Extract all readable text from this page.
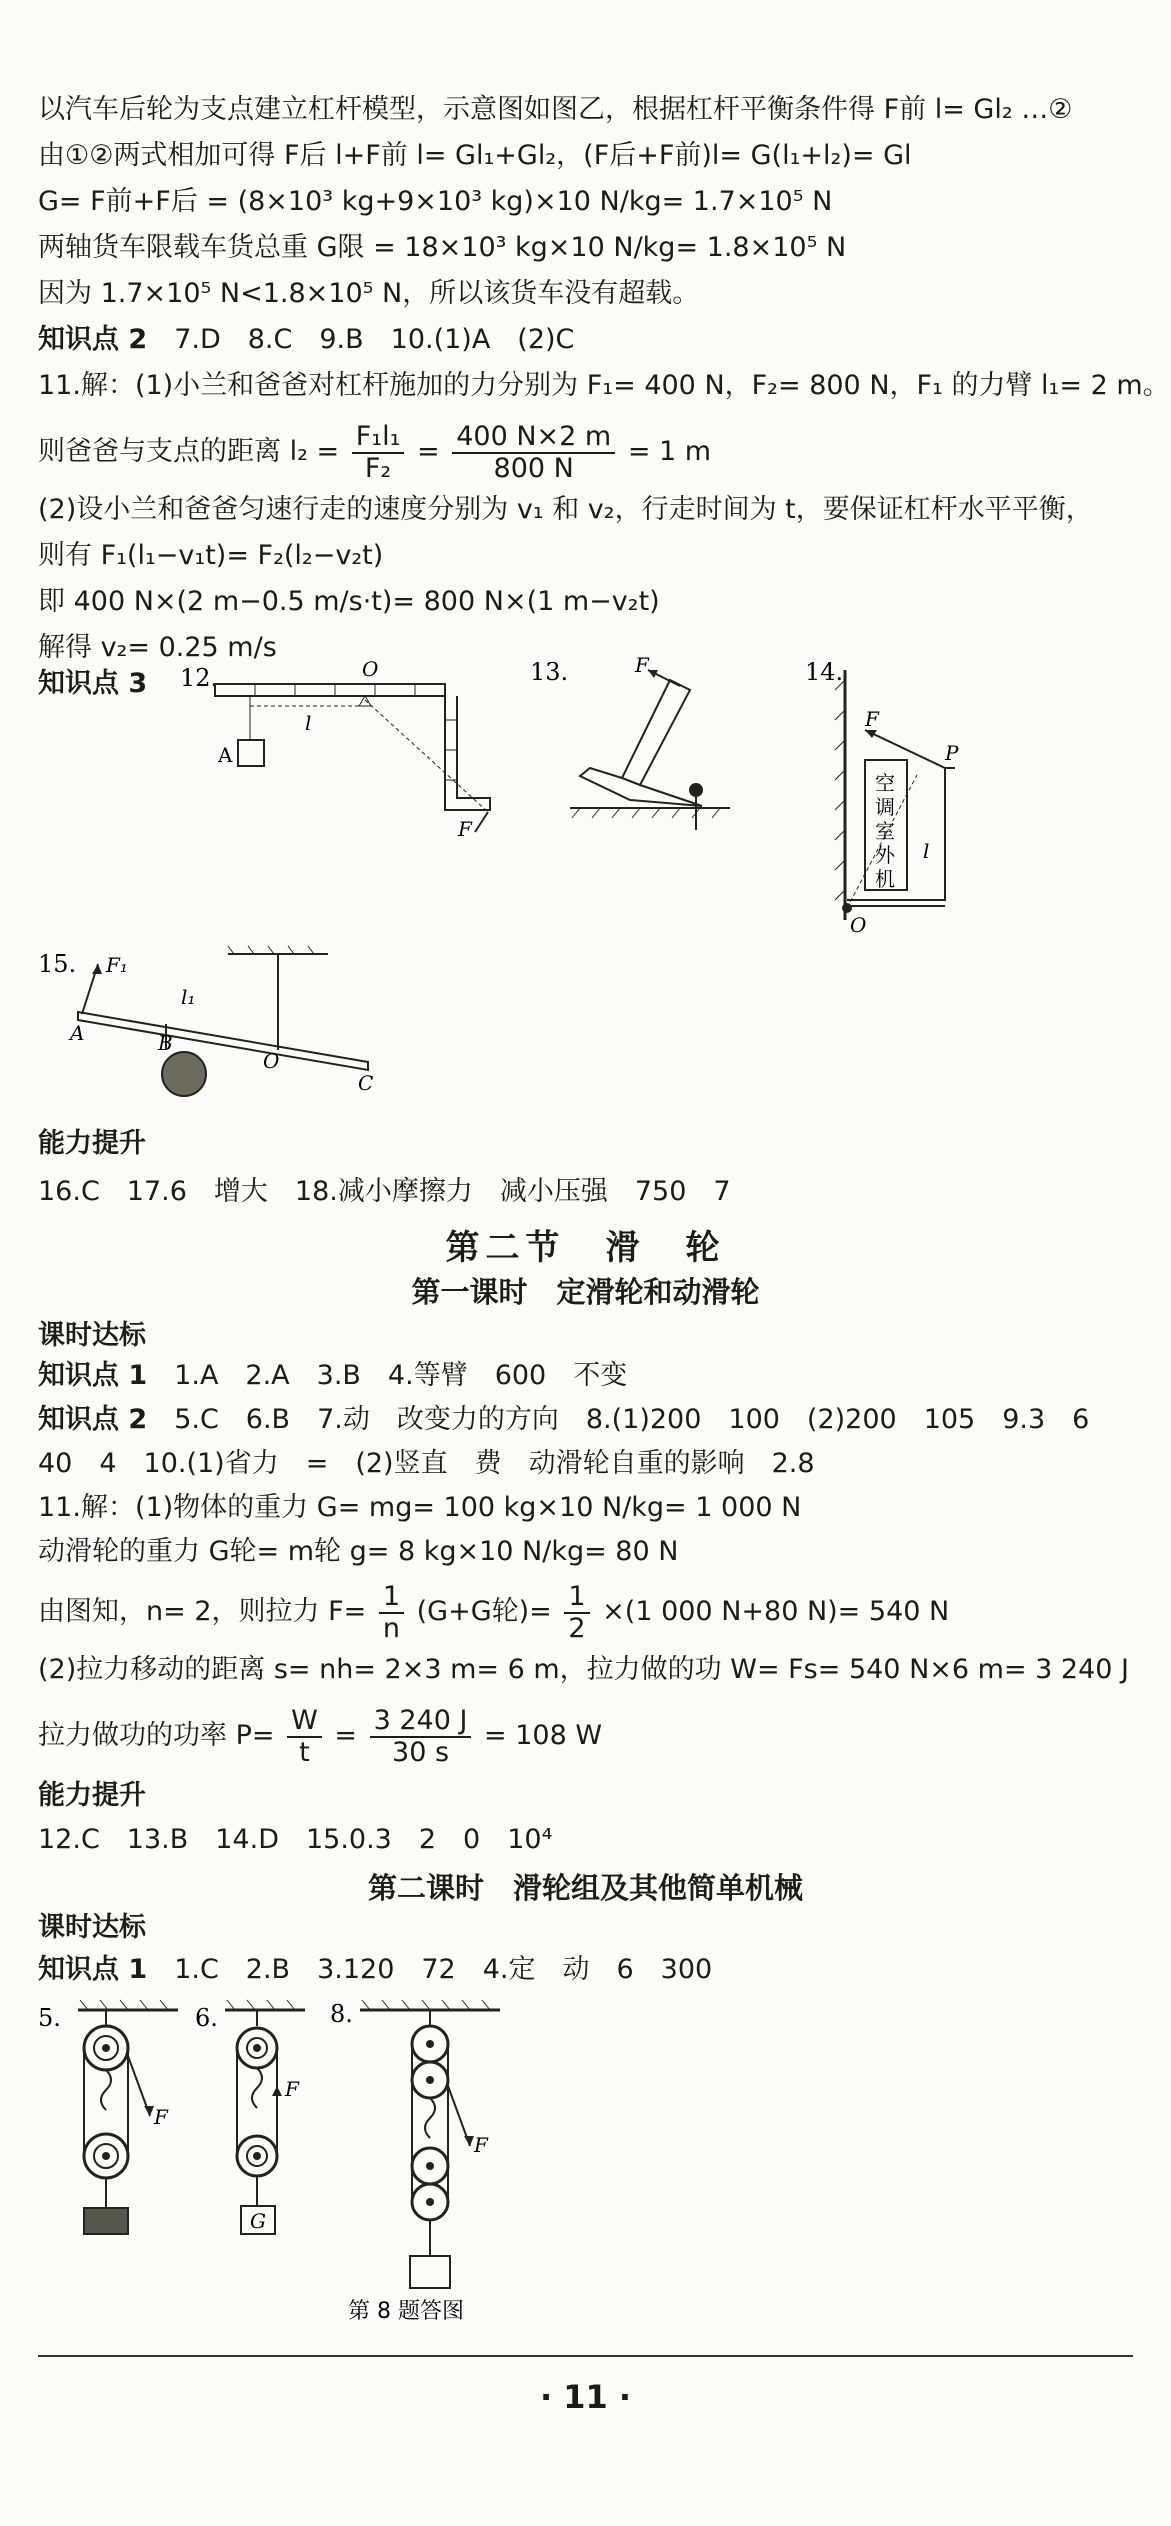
以汽车后轮为支点建立杠杆模型，示意图如图乙，根据杠杆平衡条件得 F前 l= Gl₂ …②
由①②两式相加可得 F后 l+F前 l= Gl₁+Gl₂，(F后+F前)l= G(l₁+l₂)= Gl
G= F前+F后 = (8×10³ kg+9×10³ kg)×10 N/kg= 1.7×10⁵ N
两轴货车限载车货总重 G限 = 18×10³ kg×10 N/kg= 1.8×10⁵ N
因为 1.7×10⁵ N<1.8×10⁵ N，所以该货车没有超载。
知识点 2　 7.D　8.C　9.B　10.(1)A　(2)C
11.解：(1)小兰和爸爸对杠杆施加的力分别为 F₁= 400 N，F₂= 800 N，F₁ 的力臂 l₁= 2 m。
则爸爸与支点的距离 $l_2 = \frac{\text{F₁l₁}}{\text{F₂}} = \frac{400 N\times 2 m}{800 N} = 1$ m
(2)设小兰和爸爸匀速行走的速度分别为 v₁ 和 v₂，行走时间为 t，要保证杠杆水平平衡，
则有 F₁(l₁−v₁t)= F₂(l₂−v₂t)
即 400 N×(2 m−0.5 m/s·t)= 800 N×(1 m−v₂t)
解得 v₂= 0.25 m/s
知识点 3 12.	O
A
l
F
13.	F	14.
空
调
室
外
机
P
F
l
O
15. F₁
A
l₁
B
O
C
能力提升
16.C　17.6　增大　18.减小摩擦力　减小压强　750　7
第二节　滑　轮
第一课时　定滑轮和动滑轮
课时达标
知识点 1　 1.A　2.A　3.B　4.等臂　600　不变
知识点 2　 5.C　6.B　7.动　改变力的方向　8.(1)200　100　(2)200　105　9.3　6
40　4　10.(1)省力　=　(2)竖直　费　动滑轮自重的影响　2.8
11.解：(1)物体的重力 G= mg= 100 kg×10 N/kg= 1 000 N
动滑轮的重力 G轮= m轮 g= 8 kg×10 N/kg= 80 N
由图知，n= 2，则拉力 $F= \frac{1}{n} (G+G$轮)= $\frac{1}{2} \times(1$ 000 N+80 N)= 540 N
(2)拉力移动的距离 s= nh= 2×3 m= 6 m，拉力做的功 W= Fs= 540 N×6 m= 3 240 J
拉力做功的功率 $P= \frac{W}{t} = \frac{3 240 J}{30 s} = 108$ W
能力提升
12.C　13.B　14.D　15.0.3　2　0　10⁴
第二课时　滑轮组及其他简单机械
课时达标
知识点 1　 1.C　2.B　3.120　72　4.定　动　6　300
5.
F
6.
F
G
8.
F
第 8 题答图
· 11 ·
